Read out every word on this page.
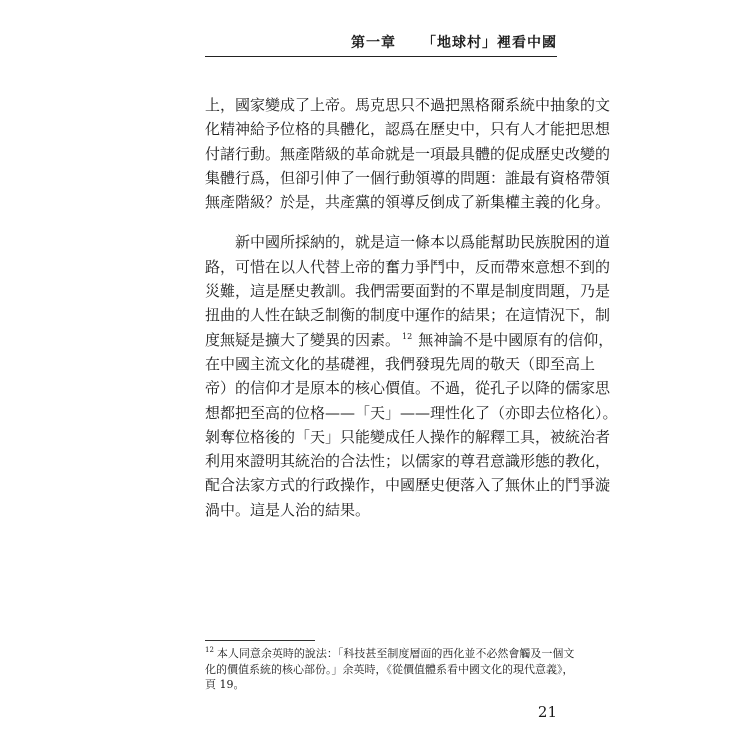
第一章 「地球村」裡看中國
上，國家變成了上帝。馬克思只不過把黑格爾系統中抽象的文
化精神給予位格的具體化，認爲在歷史中，只有人才能把思想
付諸行動。無產階級的革命就是一項最具體的促成歷史改變的
集體行爲，但卻引伸了一個行動領導的問題：誰最有資格帶領
無產階級？於是，共產黨的領導反倒成了新集權主義的化身。
　　新中國所採納的，就是這一條本以爲能幫助民族脫困的道
路，可惜在以人代替上帝的奮力爭鬥中，反而帶來意想不到的
災難，這是歷史教訓。我們需要面對的不單是制度問題，乃是
扭曲的人性在缺乏制衡的制度中運作的結果；在這情況下，制
度無疑是擴大了變異的因素。 $^{12}$ 無神論不是中國原有的信仰，
在中國主流文化的基礎裡，我們發現先周的敬天（即至高上
帝）的信仰才是原本的核心價值。不過，從孔子以降的儒家思
想都把至高的位格——「天」——理性化了（亦即去位格化）。
剝奪位格後的「天」只能變成任人操作的解釋工具，被統治者
利用來證明其統治的合法性；以儒家的尊君意識形態的教化，
配合法家方式的行政操作，中國歷史便落入了無休止的鬥爭漩
渦中。這是人治的結果。
$^{12}$ 本人同意余英時的說法：「科技甚至制度層面的西化並不必然會觸及一個文
化的價值系統的核心部份。」余英時，《從價值體系看中國文化的現代意義》，
頁 19。
21
